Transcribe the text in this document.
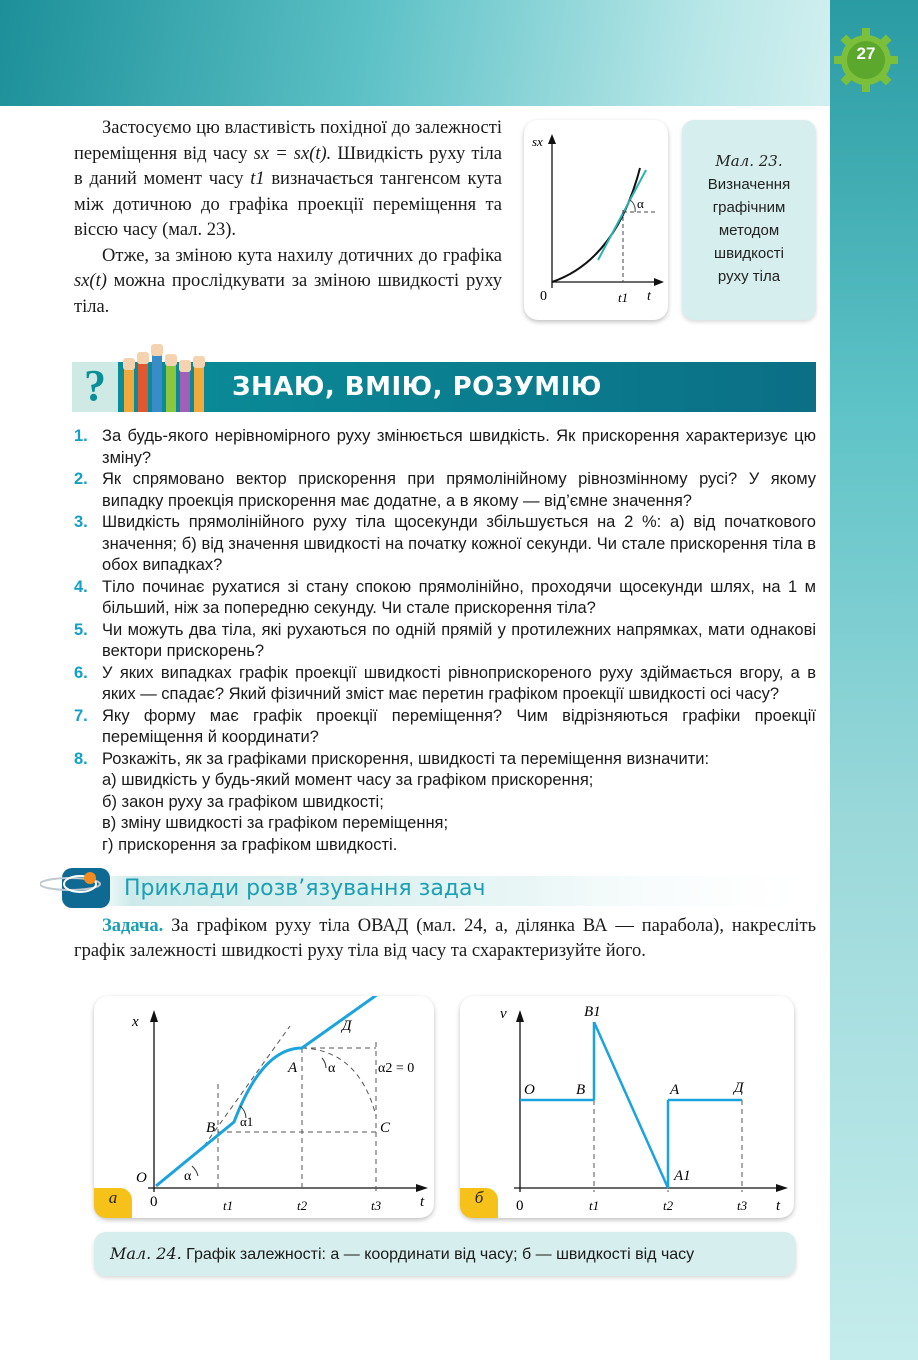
27

Застосуємо цю властивість похідної до залежності переміщення від часу sx = sx(t). Швидкість руху тіла в даний момент часу t1 визначається тангенсом кута між дотичною до графіка проекції переміщення та віссю часу (мал. 23).

Отже, за зміною кута нахилу дотичних до графіка sx(t) можна прослідкувати за зміною швидкості руху тіла.

sx
0	t1 t
α
Мал. 23.
Визначення
графічним
методом
швидкості
руху тіла
?	ЗНАЮ, ВМІЮ, РОЗУМІЮ
1. За будь-якого нерівномірного руху змінюється швидкість. Як прискорення характеризує цю зміну?
2. Як спрямовано вектор прискорення при прямолінійному рівнозмінному русі? У якому випадку проекція прискорення має додатне, а в якому — від’ємне значення?
3. Швидкість прямолінійного руху тіла щосекунди збільшується на 2 %: а) від початкового значення; б) від значення швидкості на початку кожної секунди. Чи стале прискорення тіла в обох випадках?
4. Тіло починає рухатися зі стану спокою прямолінійно, проходячи щосекунди шлях, на 1 м більший, ніж за попередню секунду. Чи стале прискорення тіла?
5. Чи можуть два тіла, які рухаються по одній прямій у протилежних напрямках, мати однакові вектори прискорень?
6. У яких випадках графік проекції швидкості рівноприскореного руху здіймається вгору, а в яких — спадає? Який фізичний зміст має перетин графіком проекції швидкості осі часу?
7. Яку форму має графік проекції переміщення? Чим відрізняються графіки проекції переміщення й координати?
8. Розкажіть, як за графіками прискорення, швидкості та переміщення визначити:
а) швидкість у будь-який момент часу за графіком прискорення;
б) закон руху за графіком швидкості;
в) зміну швидкості за графіком переміщення;
г) прискорення за графіком швидкості.
Приклади розв’язування задач

Задача. За графіком руху тіла ОВАД (мал. 24, а, ділянка ВА — парабола), накресліть графік залежності швидкості руху тіла від часу та схарактеризуйте його.

x
O	α
B α1
A α	α2 = 0
Д
C
0	t1	t2	t3	t
а
v
O	B
B1
A
A1
Д
0	t1	t2	t3 t
б
Мал. 24. Графік залежності: а — координати від часу; б — швидкості від часу
